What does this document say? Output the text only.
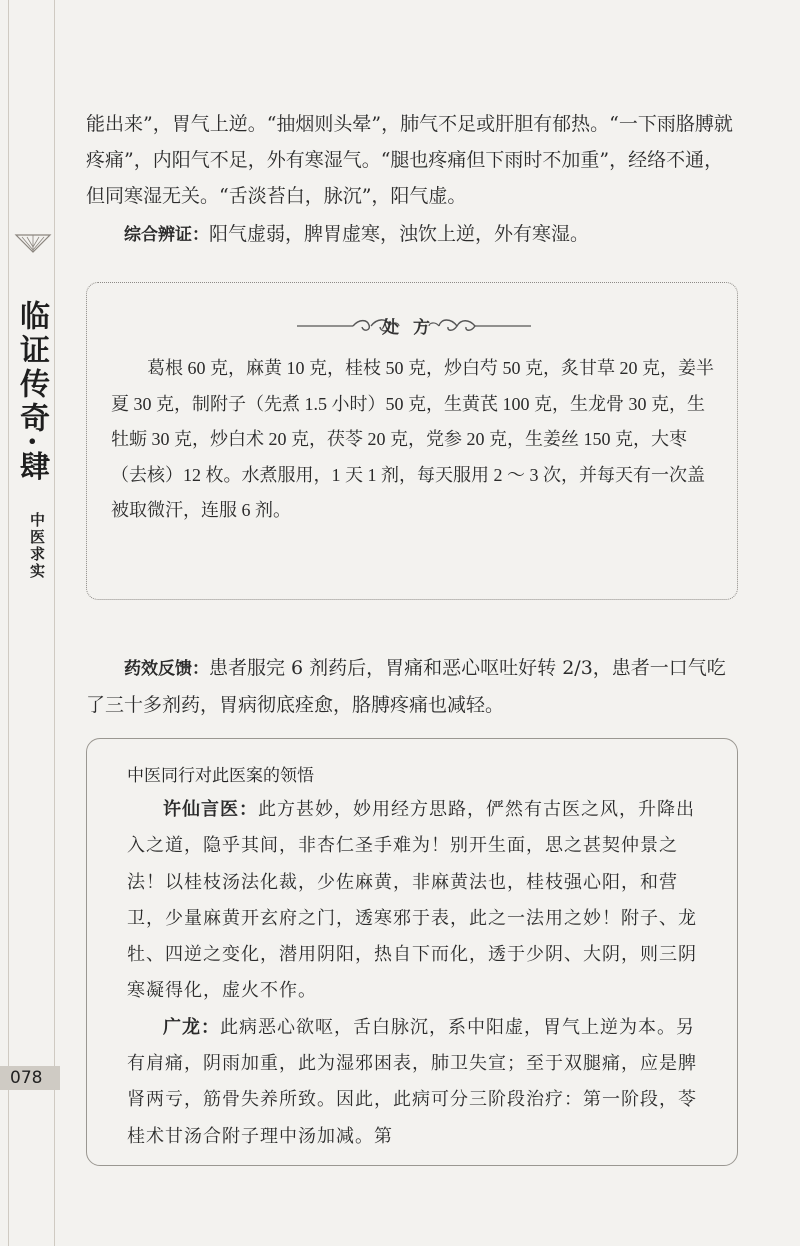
临证传奇·肆
中医求实
078

能出来”，胃气上逆。“抽烟则头晕”，肺气不足或肝胆有郁热。“一下雨胳膊就疼痛”，内阳气不足，外有寒湿气。“腿也疼痛但下雨时不加重”，经络不通，但同寒湿无关。“舌淡苔白，脉沉”，阳气虚。

综合辨证：阳气虚弱，脾胃虚寒，浊饮上逆，外有寒湿。
处方

葛根 60 克，麻黄 10 克，桂枝 50 克，炒白芍 50 克，炙甘草 20 克，姜半夏 30 克，制附子（先煮 1.5 小时）50 克，生黄芪 100 克，生龙骨 30 克，生牡蛎 30 克，炒白术 20 克，茯苓 20 克，党参 20 克，生姜丝 150 克，大枣（去核）12 枚。水煮服用，1 天 1 剂，每天服用 2 ～ 3 次，并每天有一次盖被取微汗，连服 6 剂。

药效反馈：患者服完 6 剂药后，胃痛和恶心呕吐好转 2/3，患者一口气吃了三十多剂药，胃病彻底痊愈，胳膊疼痛也减轻。
中医同行对此医案的领悟

许仙言医：此方甚妙，妙用经方思路，俨然有古医之风，升降出入之道，隐乎其间，非杏仁圣手难为！别开生面，思之甚契仲景之法！以桂枝汤法化裁，少佐麻黄，非麻黄法也，桂枝强心阳，和营卫，少量麻黄开玄府之门，透寒邪于表，此之一法用之妙！附子、龙牡、四逆之变化，潜用阴阳，热自下而化，透于少阴、大阴，则三阴寒凝得化，虚火不作。

广龙：此病恶心欲呕，舌白脉沉，系中阳虚，胃气上逆为本。另有肩痛，阴雨加重，此为湿邪困表，肺卫失宣；至于双腿痛，应是脾肾两亏，筋骨失养所致。因此，此病可分三阶段治疗：第一阶段，苓桂术甘汤合附子理中汤加减。第
